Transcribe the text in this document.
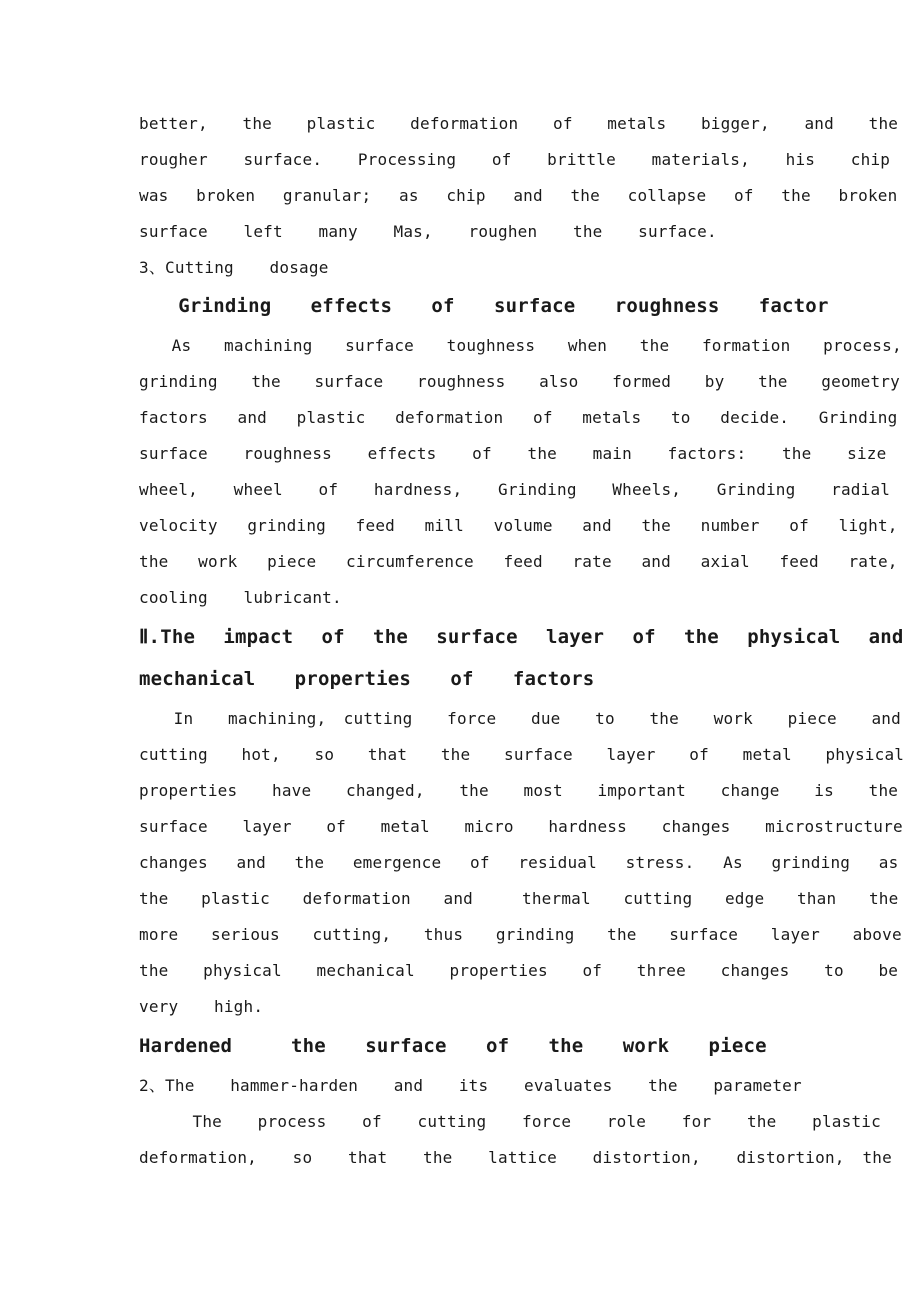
better,  the  plastic  deformation  of  metals  bigger,  and  the
rougher  surface.  Processing  of  brittle  materials,  his  chip
was  broken  granular;  as  chip  and  the  collapse  of  the  broken
surface  left  many  Mas,  roughen  the  surface.
3、Cutting  dosage
Grinding  effects  of  surface  roughness  factor
As  machining  surface  toughness  when  the  formation  process,
grinding  the  surface  roughness  also  formed  by  the  geometry
factors  and  plastic  deformation  of  metals  to  decide.  Grinding
surface  roughness  effects  of  the  main  factors:  the  size
wheel,  wheel  of  hardness,  Grinding  Wheels,  Grinding  radial
velocity  grinding  feed  mill  volume  and  the  number  of  light,
the  work  piece  circumference  feed  rate  and  axial  feed  rate,
cooling  lubricant.
Ⅱ.The  impact  of  the  surface  layer  of  the  physical  and
mechanical  properties  of  factors
In  machining, cutting  force  due  to  the  work  piece  and
cutting  hot,  so  that  the  surface  layer  of  metal  physical
properties  have  changed,  the  most  important  change  is  the
surface  layer  of  metal  micro  hardness  changes  microstructure
changes  and  the  emergence  of  residual  stress.  As  grinding  as
the  plastic  deformation  and   thermal  cutting  edge  than  the
more  serious  cutting,  thus  grinding  the  surface  layer  above
the  physical  mechanical  properties  of  three  changes  to  be
very  high.
Hardened   the  surface  of  the  work  piece
2、The  hammer-harden  and  its  evaluates  the  parameter
The  process  of  cutting  force  role  for  the  plastic
deformation,  so  that  the  lattice  distortion,  distortion, the
